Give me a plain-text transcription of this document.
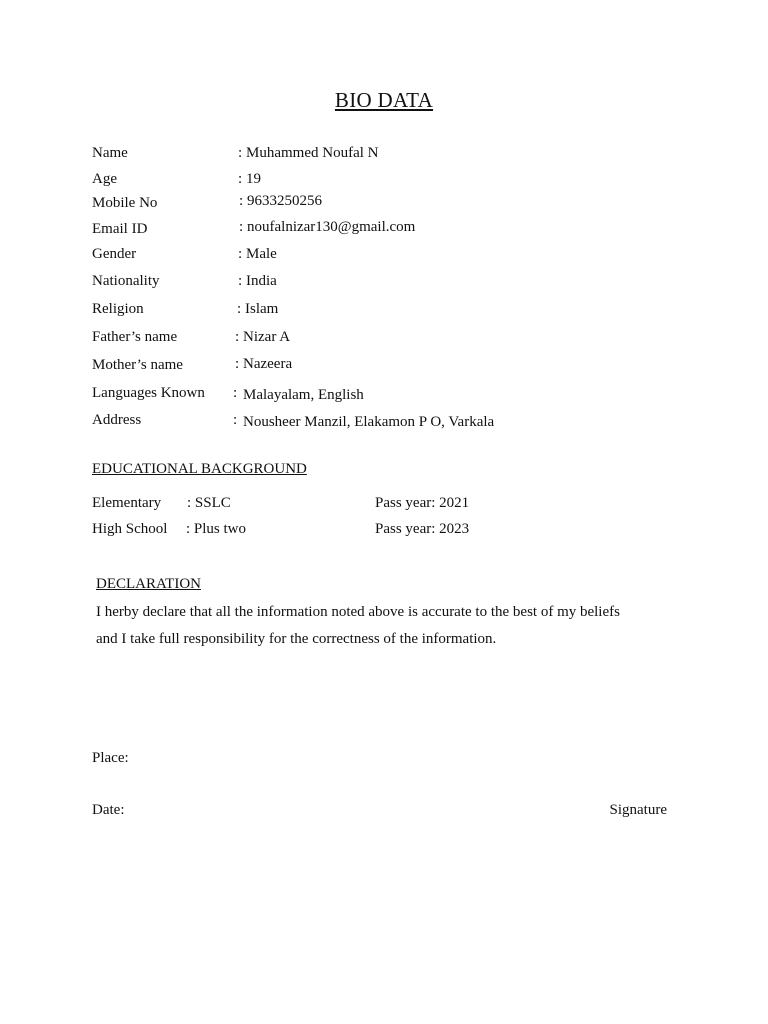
BIO DATA
Name	: Muhammed Noufal N
Age	: 19
Mobile No	: 9633250256
Email ID	: noufalnizar130@gmail.com
Gender	: Male
Nationality	: India
Religion	: Islam
Father’s name	: Nizar A
Mother’s name	: Nazeera
Languages Known : Malayalam, English
Address	: Nousheer Manzil, Elakamon P O, Varkala
EDUCATIONAL BACKGROUND
Elementary : SSLC	Pass year: 2021
High School : Plus two	Pass year: 2023
DECLARATION
I herby declare that all the information noted above is accurate to the best of my beliefs
and I take full responsibility for the correctness of the information.
Place:
Date:	Signature
